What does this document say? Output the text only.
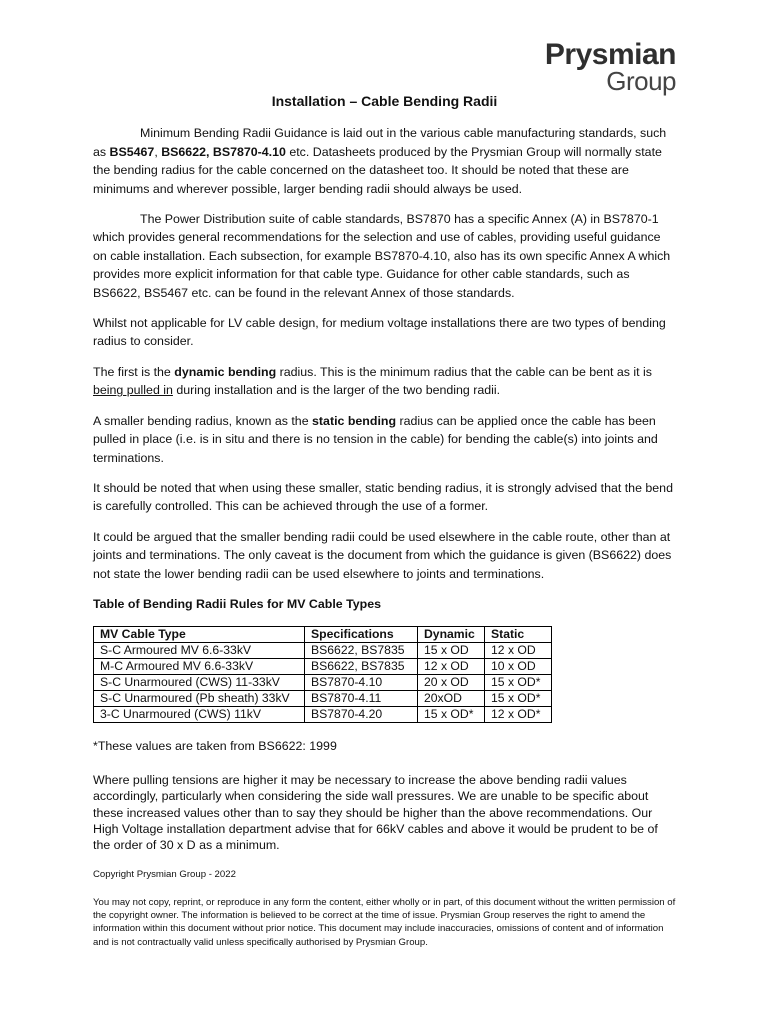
Prysmian
Group
Installation – Cable Bending Radii

Minimum Bending Radii Guidance is laid out in the various cable manufacturing standards, such as BS5467, BS6622, BS7870-4.10 etc. Datasheets produced by the Prysmian Group will normally state the bending radius for the cable concerned on the datasheet too. It should be noted that these are minimums and wherever possible, larger bending radii should always be used.

The Power Distribution suite of cable standards, BS7870 has a specific Annex (A) in BS7870-1 which provides general recommendations for the selection and use of cables, providing useful guidance on cable installation. Each subsection, for example BS7870-4.10, also has its own specific Annex A which provides more explicit information for that cable type. Guidance for other cable standards, such as BS6622, BS5467 etc. can be found in the relevant Annex of those standards.

Whilst not applicable for LV cable design, for medium voltage installations there are two types of bending radius to consider.

The first is the dynamic bending radius. This is the minimum radius that the cable can be bent as it is being pulled in during installation and is the larger of the two bending radii.

A smaller bending radius, known as the static bending radius can be applied once the cable has been pulled in place (i.e. is in situ and there is no tension in the cable) for bending the cable(s) into joints and terminations.

It should be noted that when using these smaller, static bending radius, it is strongly advised that the bend is carefully controlled. This can be achieved through the use of a former.

It could be argued that the smaller bending radii could be used elsewhere in the cable route, other than at joints and terminations. The only caveat is the document from which the guidance is given (BS6622) does not state the lower bending radii can be used elsewhere to joints and terminations.

Table of Bending Radii Rules for MV Cable Types
MV Cable Type	Specifications	Dynamic	Static
S-C Armoured MV 6.6-33kV	BS6622, BS7835	15 x OD	12 x OD
M-C Armoured MV 6.6-33kV	BS6622, BS7835	12 x OD	10 x OD
S-C Unarmoured (CWS) 11-33kV	BS7870-4.10	20 x OD	15 x OD*
S-C Unarmoured (Pb sheath) 33kV	BS7870-4.11	20xOD	15 x OD*
3-C Unarmoured (CWS) 11kV	BS7870-4.20	15 x OD*	12 x OD*

*These values are taken from BS6622: 1999

Where pulling tensions are higher it may be necessary to increase the above bending radii values accordingly, particularly when considering the side wall pressures. We are unable to be specific about these increased values other than to say they should be higher than the above recommendations. Our High Voltage installation department advise that for 66kV cables and above it would be prudent to be of the order of 30 x D as a minimum.

Copyright Prysmian Group - 2022

You may not copy, reprint, or reproduce in any form the content, either wholly or in part, of this document without the written permission of the copyright owner. The information is believed to be correct at the time of issue. Prysmian Group reserves the right to amend the information within this document without prior notice. This document may include inaccuracies, omissions of content and of information and is not contractually valid unless specifically authorised by Prysmian Group.
